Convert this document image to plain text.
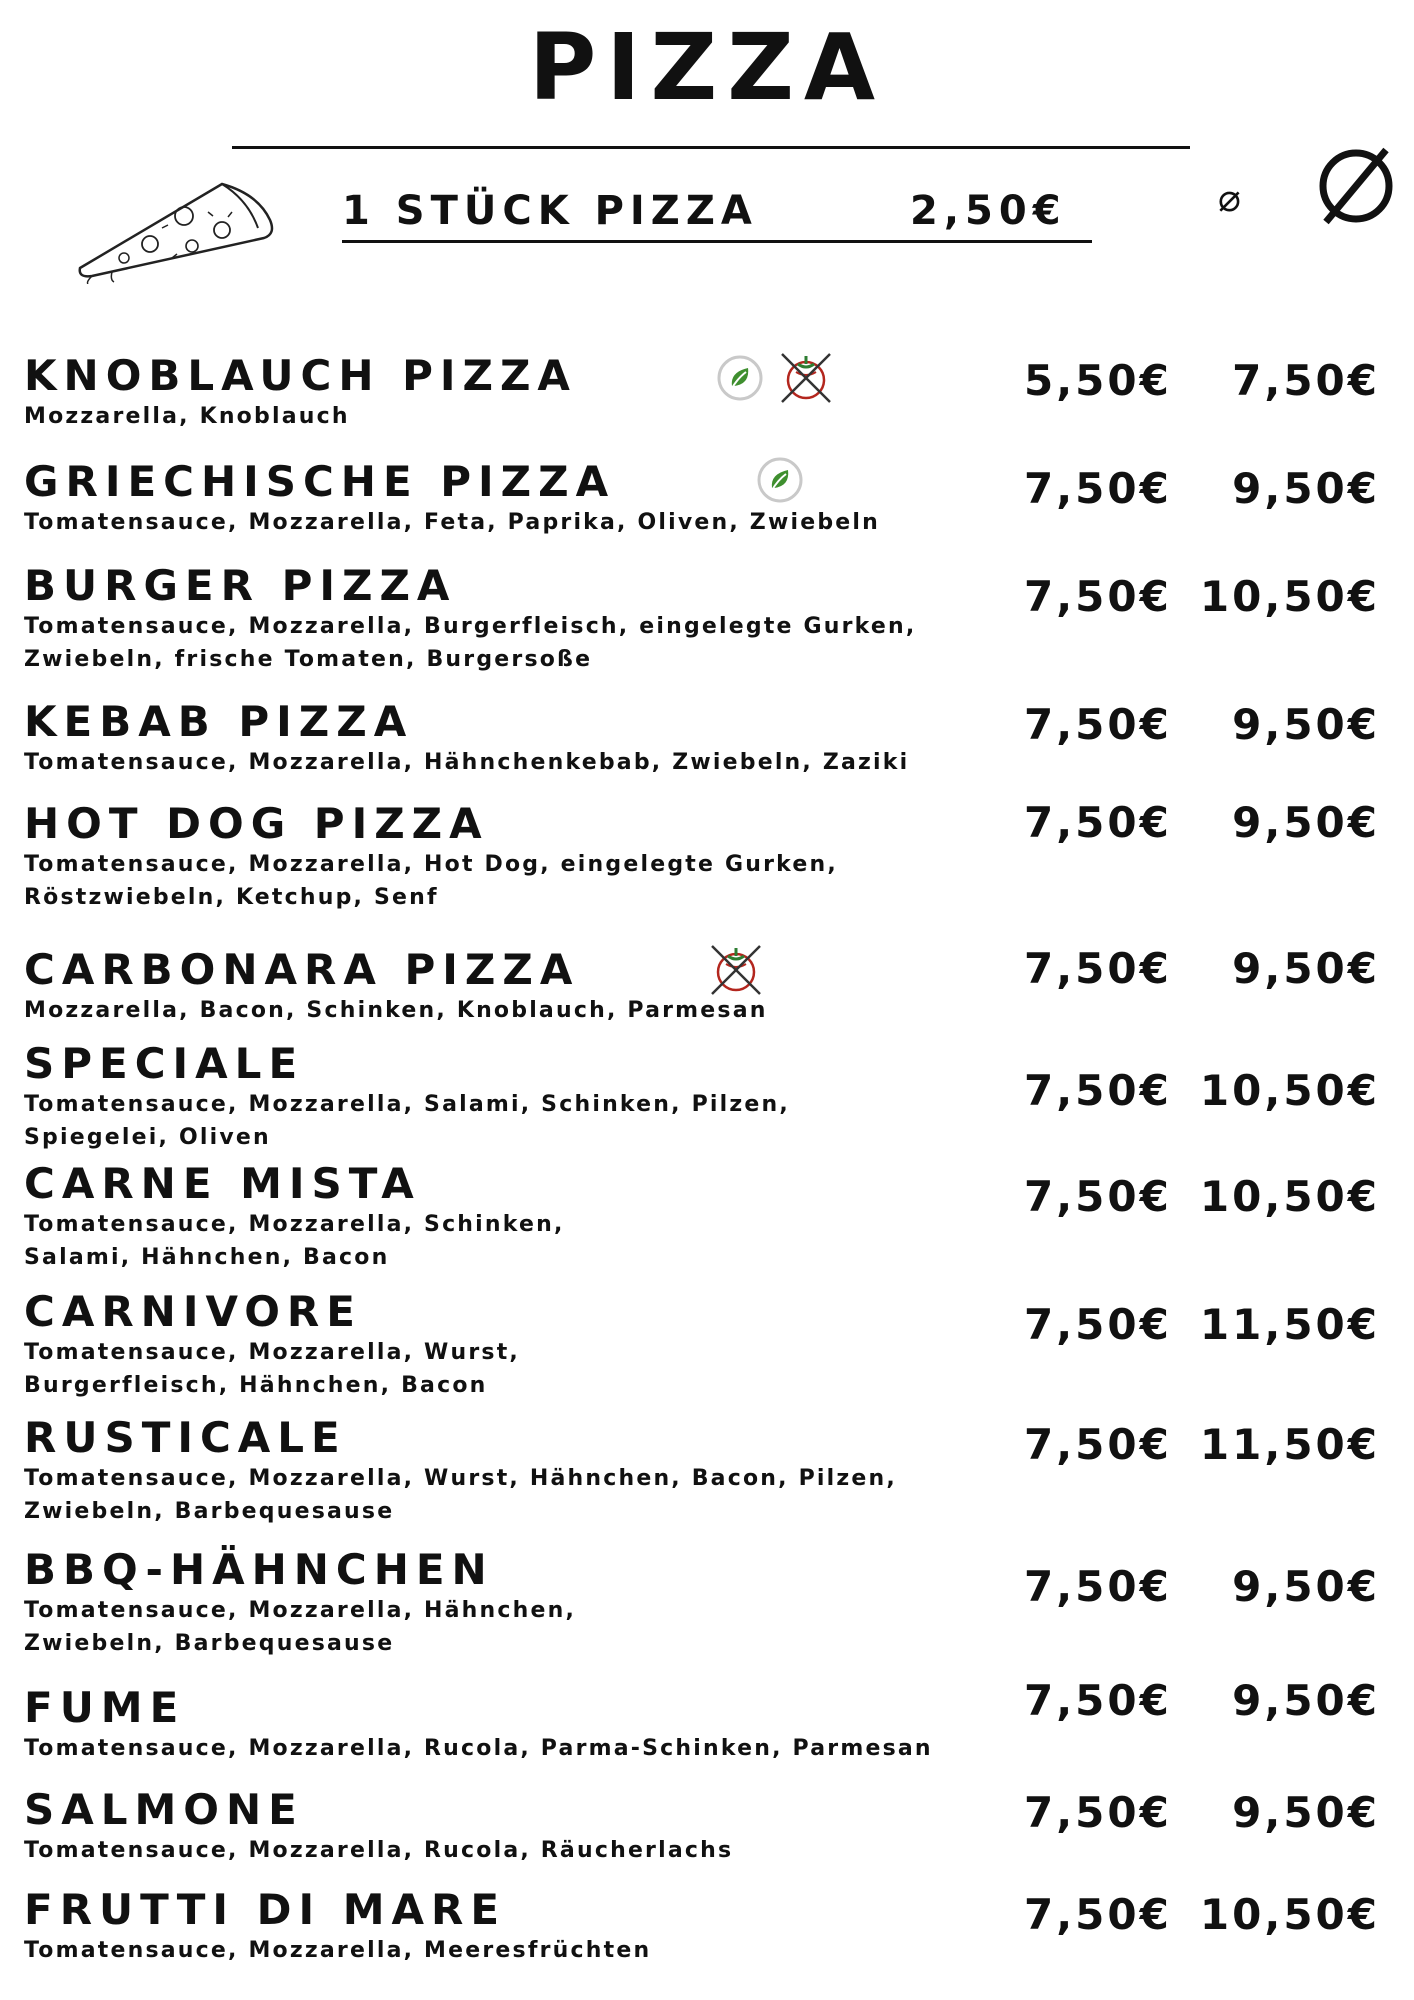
PIZZA
1 STÜCK PIZZA	2,50€	⌀
KNOBLAUCH PIZZA
Mozzarella, Knoblauch
5,50€ 7,50€
GRIECHISCHE PIZZA
Tomatensauce, Mozzarella, Feta, Paprika, Oliven, Zwiebeln
7,50€ 9,50€
BURGER PIZZA
Tomatensauce, Mozzarella, Burgerfleisch, eingelegte Gurken,
Zwiebeln, frische Tomaten, Burgersoße
7,50€ 10,50€
KEBAB PIZZA
Tomatensauce, Mozzarella, Hähnchenkebab, Zwiebeln, Zaziki
7,50€ 9,50€
HOT DOG PIZZA
Tomatensauce, Mozzarella, Hot Dog, eingelegte Gurken,
Röstzwiebeln, Ketchup, Senf
7,50€ 9,50€
CARBONARA PIZZA
Mozzarella, Bacon, Schinken, Knoblauch, Parmesan
7,50€ 9,50€
SPECIALE
Tomatensauce, Mozzarella, Salami, Schinken, Pilzen,
Spiegelei, Oliven
7,50€ 10,50€
CARNE MISTA
Tomatensauce, Mozzarella, Schinken,
Salami, Hähnchen, Bacon
7,50€ 10,50€
CARNIVORE
Tomatensauce, Mozzarella, Wurst,
Burgerfleisch, Hähnchen, Bacon
7,50€ 11,50€
RUSTICALE
Tomatensauce, Mozzarella, Wurst, Hähnchen, Bacon, Pilzen,
Zwiebeln, Barbequesause
7,50€ 11,50€
BBQ-HÄHNCHEN
Tomatensauce, Mozzarella, Hähnchen,
Zwiebeln, Barbequesause
7,50€ 9,50€
FUME
Tomatensauce, Mozzarella, Rucola, Parma-Schinken, Parmesan
7,50€ 9,50€
SALMONE
Tomatensauce, Mozzarella, Rucola, Räucherlachs
7,50€ 9,50€
FRUTTI DI MARE
Tomatensauce, Mozzarella, Meeresfrüchten
7,50€ 10,50€
